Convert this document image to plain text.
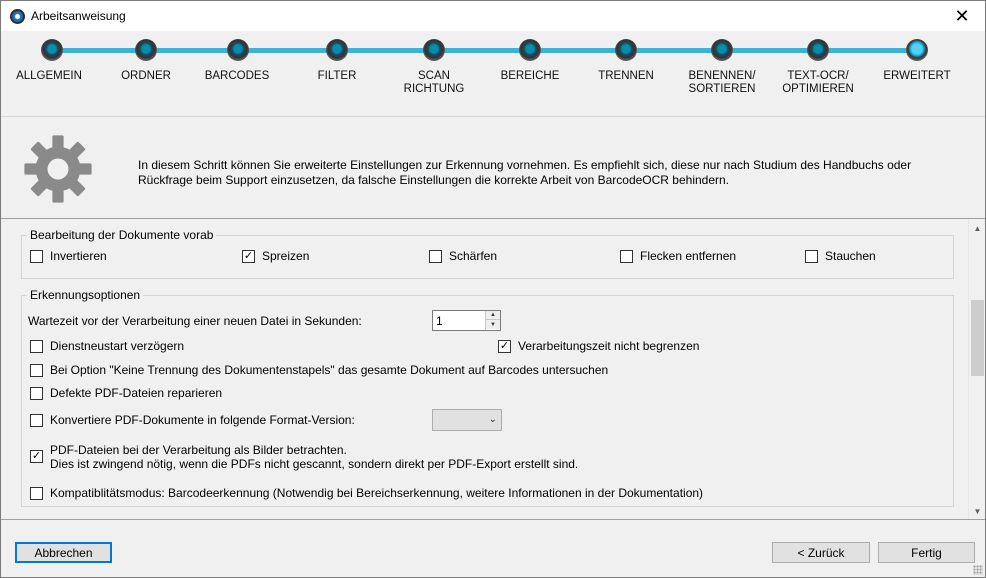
Arbeitsanweisung	✕
ALLGEMEIN	ORDNER	BARCODES	FILTER	SCAN
RICHTUNG
BEREICHE	TRENNEN	BENENNEN/
SORTIEREN
TEXT-OCR/
OPTIMIEREN
ERWEITERT
In diesem Schritt können Sie erweiterte Einstellungen zur Erkennung vornehmen. Es empfiehlt sich, diese nur nach Studium des Handbuchs oder Rückfrage beim Support einzusetzen, da falsche Einstellungen die korrekte Arbeit von BarcodeOCR behindern.
Bearbeitung der Dokumente vorab
Invertieren	✓ Spreizen	Schärfen	Flecken entfernen	Stauchen
Erkennungsoptionen
Wartezeit vor der Verarbeitung einer neuen Datei in Sekunden:
1	▲
▼
Dienstneustart verzögern	✓ Verarbeitungszeit nicht begrenzen
Bei Option "Keine Trennung des Dokumentenstapels" das gesamte Dokument auf Barcodes untersuchen
Defekte PDF-Dateien reparieren
Konvertiere PDF-Dokumente in folgende Format-Version:	⌄
✓ PDF-Dateien bei der Verarbeitung als Bilder betrachten.
Dies ist zwingend nötig, wenn die PDFs nicht gescannt, sondern direkt per PDF-Export erstellt sind.
Kompatiblitätsmodus: Barcodeerkennung (Notwendig bei Bereichserkennung, weitere Informationen in der Dokumentation)
▲
▼
Abbrechen	< Zurück	Fertig
